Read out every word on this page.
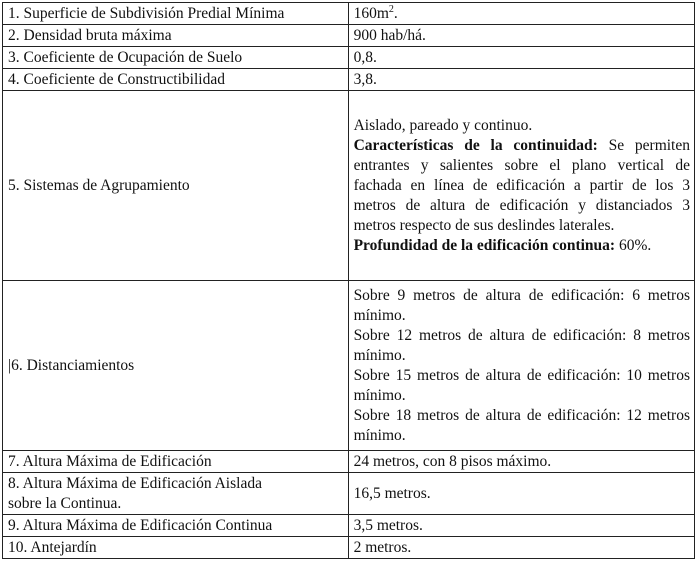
1. Superficie de Subdivisión Predial Mínima	$160m^2$.
2. Densidad bruta máxima	900 hab/há.
3. Coeficiente de Ocupación de Suelo	0,8.
4. Coeficiente de Constructibilidad	3,8.
5. Sistemas de Agrupamiento	Aislado, pareado y continuo.
Características de la continuidad: Se permiten entrantes y salientes sobre el plano vertical de fachada en línea de edificación a partir de los 3 metros de altura de edificación y distanciados 3 metros respecto de sus deslindes laterales.
Profundidad de la edificación continua: 60%.

|6. Distanciamientos	Sobre 9 metros de altura de edificación: 6 metros mínimo.
Sobre 12 metros de altura de edificación: 8 metros mínimo.
Sobre 15 metros de altura de edificación: 10 metros mínimo.
Sobre 18 metros de altura de edificación: 12 metros mínimo.

7. Altura Máxima de Edificación	24 metros, con 8 pisos máximo.

8. Altura Máxima de Edificación Aislada
sobre la Continua.	16,5 metros.
9. Altura Máxima de Edificación Continua	3,5 metros.
10. Antejardín	2 metros.
